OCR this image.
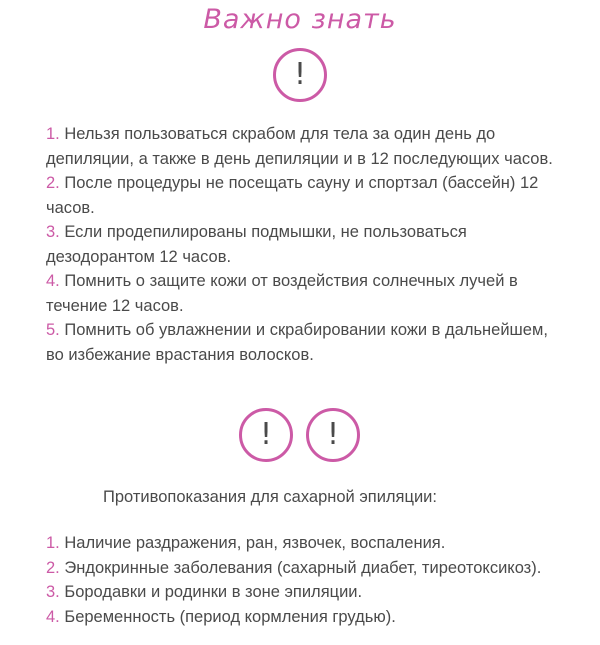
Важно знать
!
1. Нельзя пользоваться скрабом для тела за один день до депиляции, а также в день депиляции и в 12 последующих часов.
2. После процедуры не посещать сауну и спортзал (бассейн) 12 часов.
3. Если продепилированы подмышки, не пользоваться дезодорантом 12 часов.
4. Помнить о защите кожи от воздействия солнечных лучей в течение 12 часов.
5. Помнить об увлажнении и скрабировании кожи в дальнейшем, во избежание врастания волосков.
!	!
Противопоказания для сахарной эпиляции:
1. Наличие раздражения, ран, язвочек, воспаления.
2. Эндокринные заболевания (сахарный диабет, тиреотоксикоз).
3. Бородавки и родинки в зоне эпиляции.
4. Беременность (период кормления грудью).
